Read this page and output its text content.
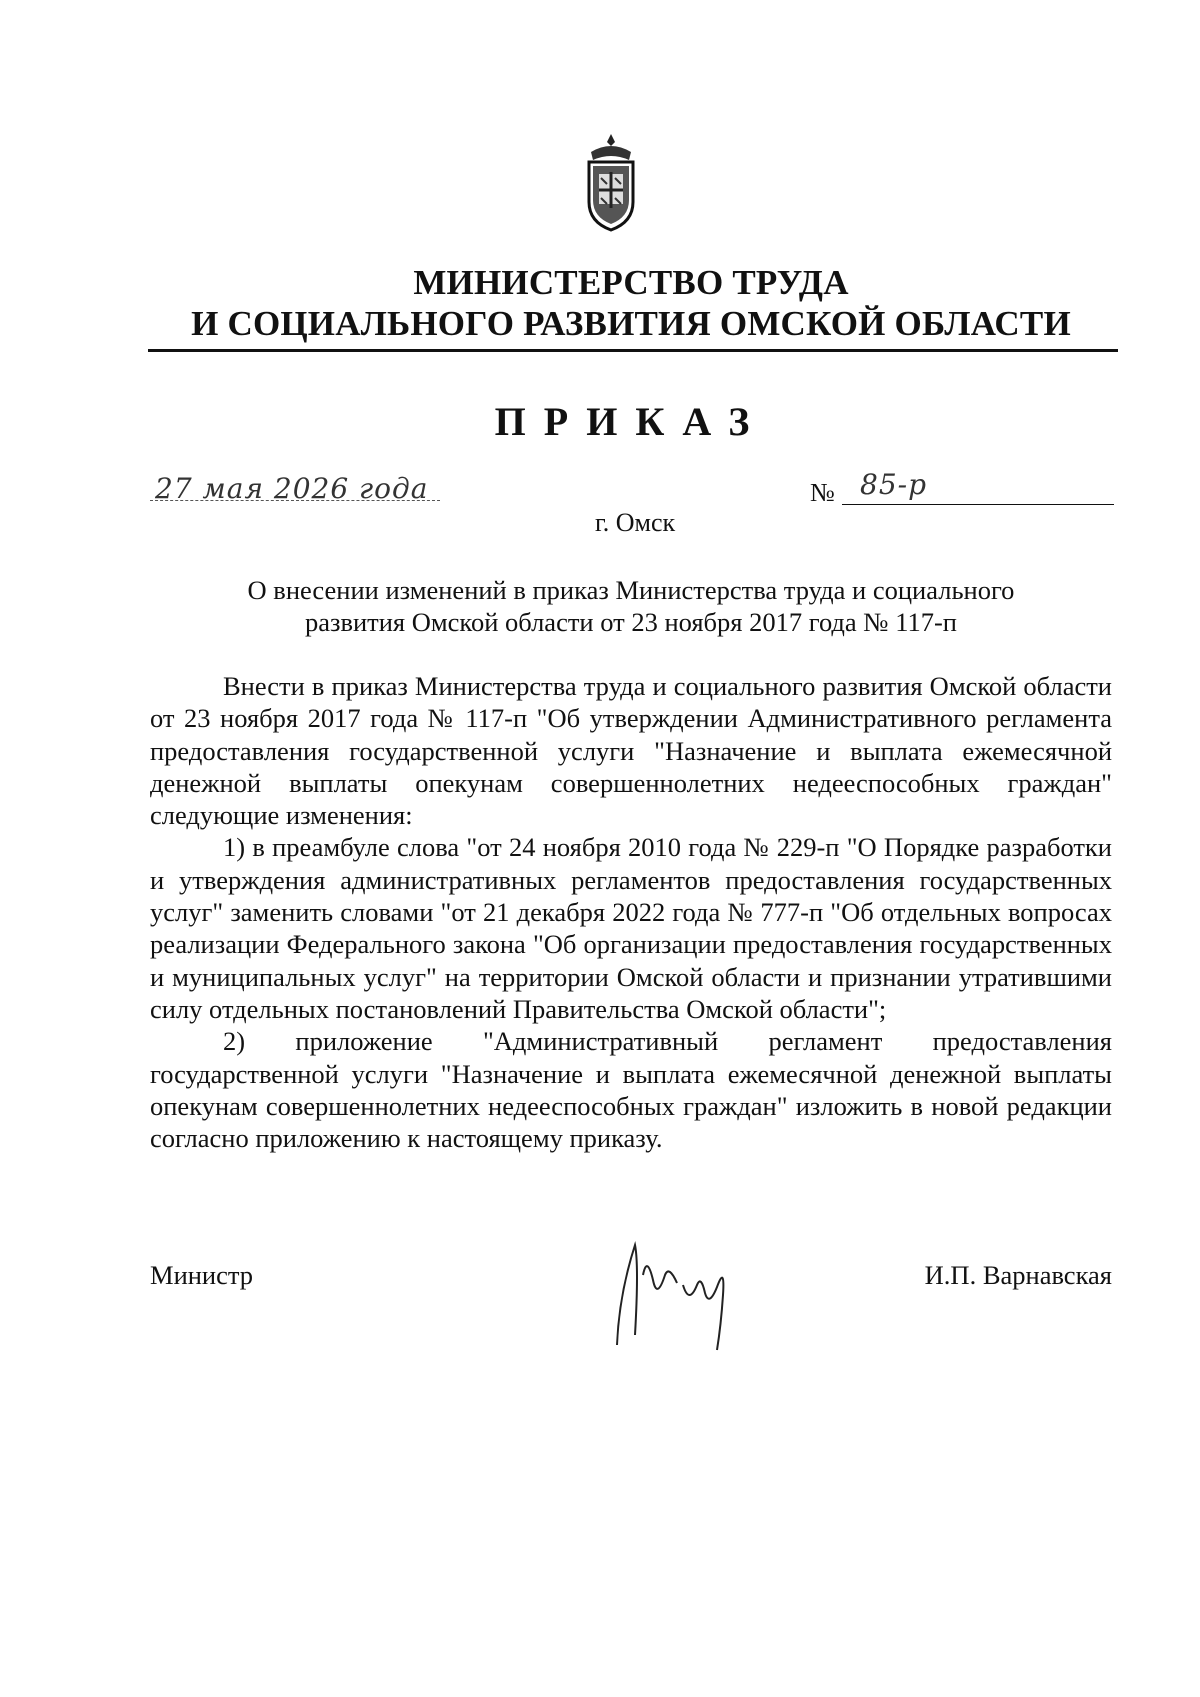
МИНИСТЕРСТВО ТРУДА
И СОЦИАЛЬНОГО РАЗВИТИЯ ОМСКОЙ ОБЛАСТИ
ПРИКАЗ
27 мая 2026 года	№ 85-р
г. Омск
О внесении изменений в приказ Министерства труда и социального
развития Омской области от 23 ноября 2017 года № 117-п

Внести в приказ Министерства труда и социального развития Омской области от 23 ноября 2017 года № 117-п "Об утверждении Административного регламента предоставления государственной услуги "Назначение и выплата ежемесячной денежной выплаты опекунам совершеннолетних недееспособных граждан" следующие изменения:

1) в преамбуле слова "от 24 ноября 2010 года № 229-п "О Порядке разработки и утверждения административных регламентов предоставления государственных услуг" заменить словами "от 21 декабря 2022 года № 777-п "Об отдельных вопросах реализации Федерального закона "Об организации предоставления государственных и муниципальных услуг" на территории Омской области и признании утратившими силу отдельных постановлений Правительства Омской области";

2) приложение "Административный регламент предоставления государственной услуги "Назначение и выплата ежемесячной денежной выплаты опекунам совершеннолетних недееспособных граждан" изложить в новой редакции согласно приложению к настоящему приказу.

Министр	И.П. Варнавская
